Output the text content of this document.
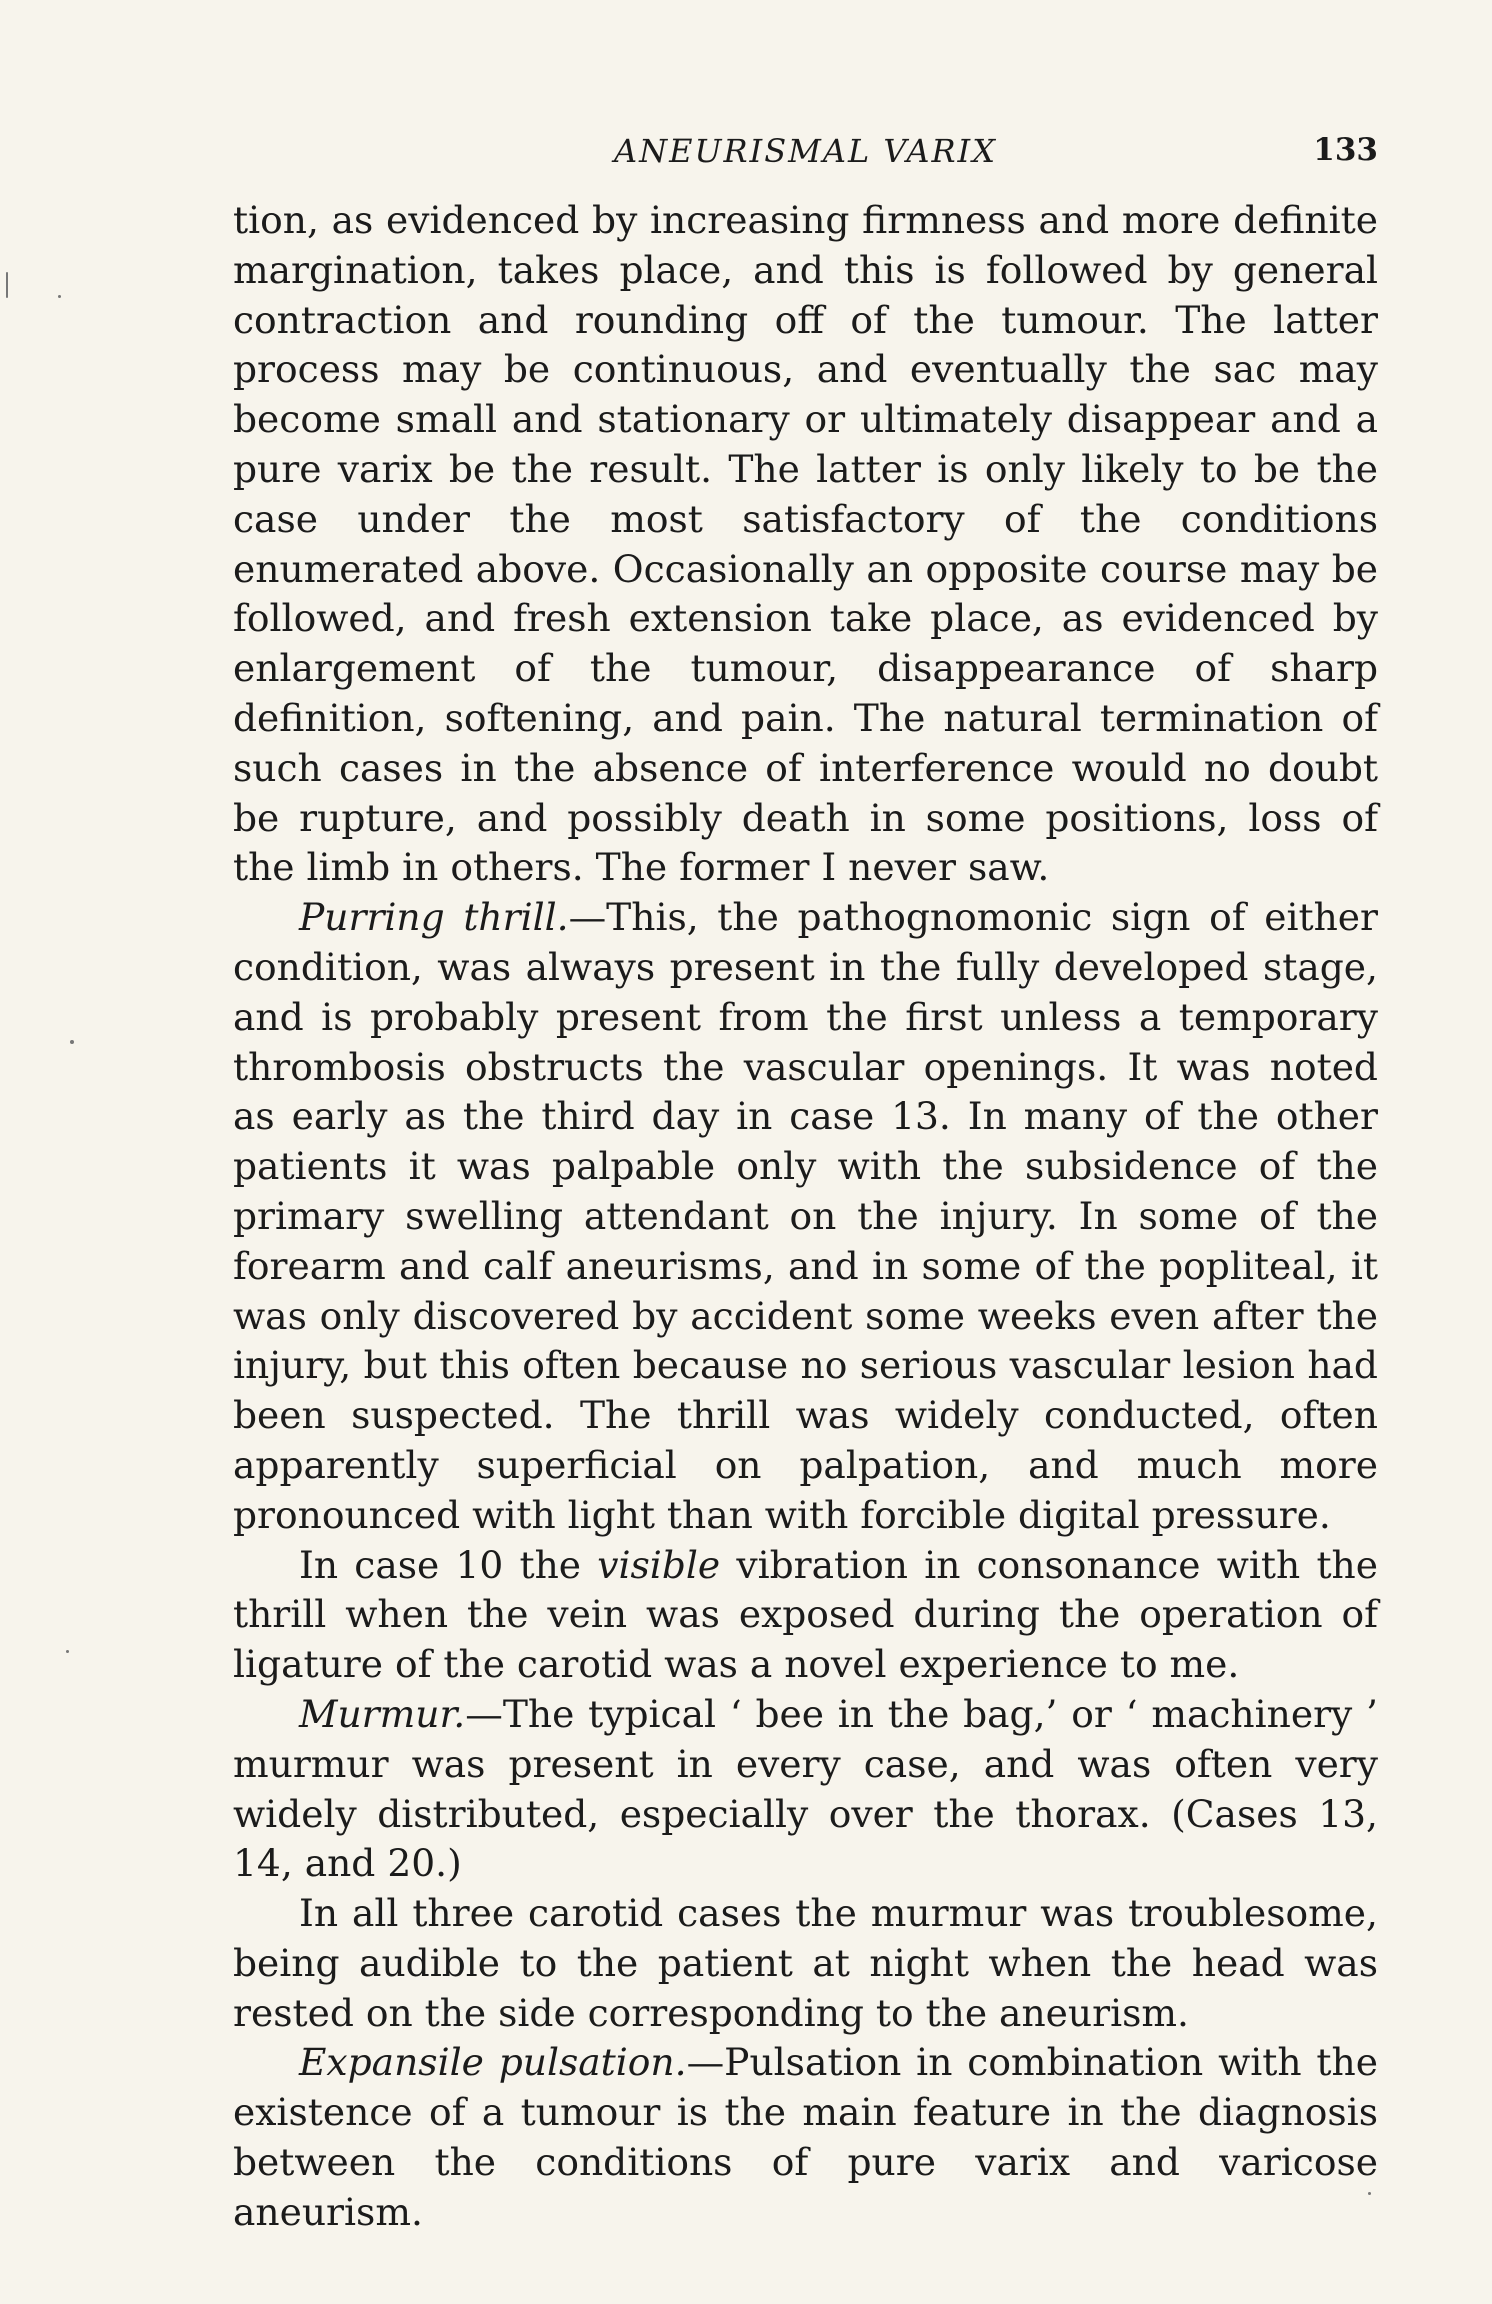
ANEURISMAL VARIX	133

tion, as evidenced by increasing firmness and more definite margination, takes place, and this is followed by general contraction and rounding off of the tumour. The latter process may be continuous, and eventually the sac may become small and stationary or ultimately disappear and a pure varix be the result. The latter is only likely to be the case under the most satisfactory of the conditions enumerated above. Occasionally an opposite course may be followed, and fresh extension take place, as evidenced by enlargement of the tumour, disappearance of sharp definition, softening, and pain. The natural termination of such cases in the absence of interference would no doubt be rupture, and possibly death in some positions, loss of the limb in others. The former I never saw.

Purring thrill.—This, the pathognomonic sign of either condition, was always present in the fully developed stage, and is probably present from the first unless a temporary thrombosis obstructs the vascular openings. It was noted as early as the third day in case 13. In many of the other patients it was palpable only with the subsidence of the primary swelling attendant on the injury. In some of the forearm and calf aneurisms, and in some of the popliteal, it was only discovered by accident some weeks even after the injury, but this often because no serious vascular lesion had been suspected. The thrill was widely conducted, often apparently superficial on palpation, and much more pronounced with light than with forcible digital pressure.

In case 10 the visible vibration in consonance with the thrill when the vein was exposed during the operation of ligature of the carotid was a novel experience to me.

Murmur.—The typical ‘ bee in the bag,’ or ‘ machinery ’ murmur was present in every case, and was often very widely distributed, especially over the thorax. (Cases 13, 14, and 20.)

In all three carotid cases the murmur was troublesome, being audible to the patient at night when the head was rested on the side corresponding to the aneurism.

Expansile pulsation.—Pulsation in combination with the existence of a tumour is the main feature in the diagnosis between the conditions of pure varix and varicose aneurism.
